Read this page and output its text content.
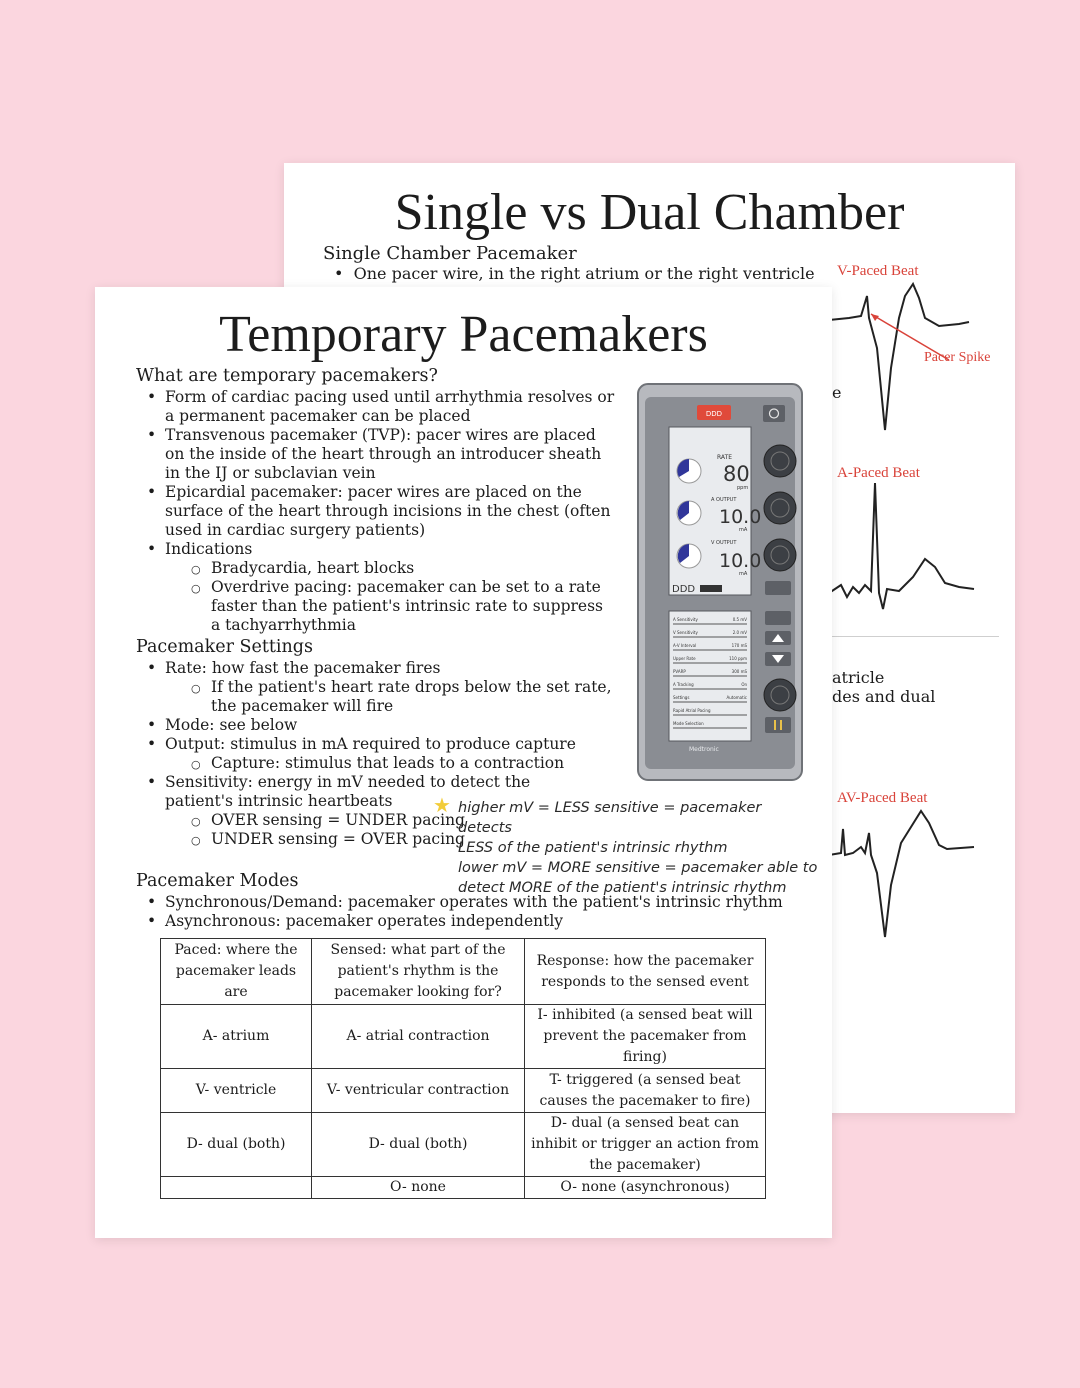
Single vs Dual Chamber
Single Chamber Pacemaker
•  One pacer wire, in the right atrium or the right ventricle
e
atricle
des and dual
V-Paced Beat
Pacer Spike
A-Paced Beat
AV-Paced Beat
Temporary Pacemakers
What are temporary pacemakers?
• Form of cardiac pacing used until arrhythmia resolves or a permanent pacemaker can be placed
• Transvenous pacemaker (TVP): pacer wires are placed on the inside of the heart through an introducer sheath in the IJ or subclavian vein
• Epicardial pacemaker: pacer wires are placed on the surface of the heart through incisions in the chest (often used in cardiac surgery patients)
• Indications
○ Bradycardia, heart blocks
○ Overdrive pacing: pacemaker can be set to a rate faster than the patient's intrinsic rate to suppress a tachyarrhythmia
Pacemaker Settings
• Rate: how fast the pacemaker fires
○ If the patient's heart rate drops below the set rate, the pacemaker will fire
• Mode: see below
• Output: stimulus in mA required to produce capture
○ Capture: stimulus that leads to a contraction
• Sensitivity: energy in mV needed to detect the patient's intrinsic heartbeats
○ OVER sensing = UNDER pacing
○ UNDER sensing = OVER pacing
★ higher mV = LESS sensitive = pacemaker detects
LESS of the patient's intrinsic rhythm
lower mV = MORE sensitive = pacemaker able to
detect MORE of the patient's intrinsic rhythm
Pacemaker Modes
• Synchronous/Demand: pacemaker operates with the patient's intrinsic rhythm
• Asynchronous: pacemaker operates independently
DDD
RATE
80
ppm
A OUTPUT
10.0
mA
V OUTPUT
10.0
mA
DDD
A Sensitivity	0.5 mV
V Sensitivity	2.0 mV
A-V Interval	170 mS
Upper Rate	110 ppm
PVARP	300 mS
A Tracking	On
Settings	Automatic
Rapid Atrial Pacing
Mode Selection
Medtronic
Paced: where the pacemaker leads are	Sensed: what part of the patient's rhythm is the pacemaker looking for?	Response: how the pacemaker responds to the sensed event
A- atrium	A- atrial contraction	I- inhibited (a sensed beat will prevent the pacemaker from firing)
V- ventricle	V- ventricular contraction	T- triggered (a sensed beat causes the pacemaker to fire)
D- dual (both)	D- dual (both)	D- dual (a sensed beat can inhibit or trigger an action from the pacemaker)
	O- none	O- none (asynchronous)
